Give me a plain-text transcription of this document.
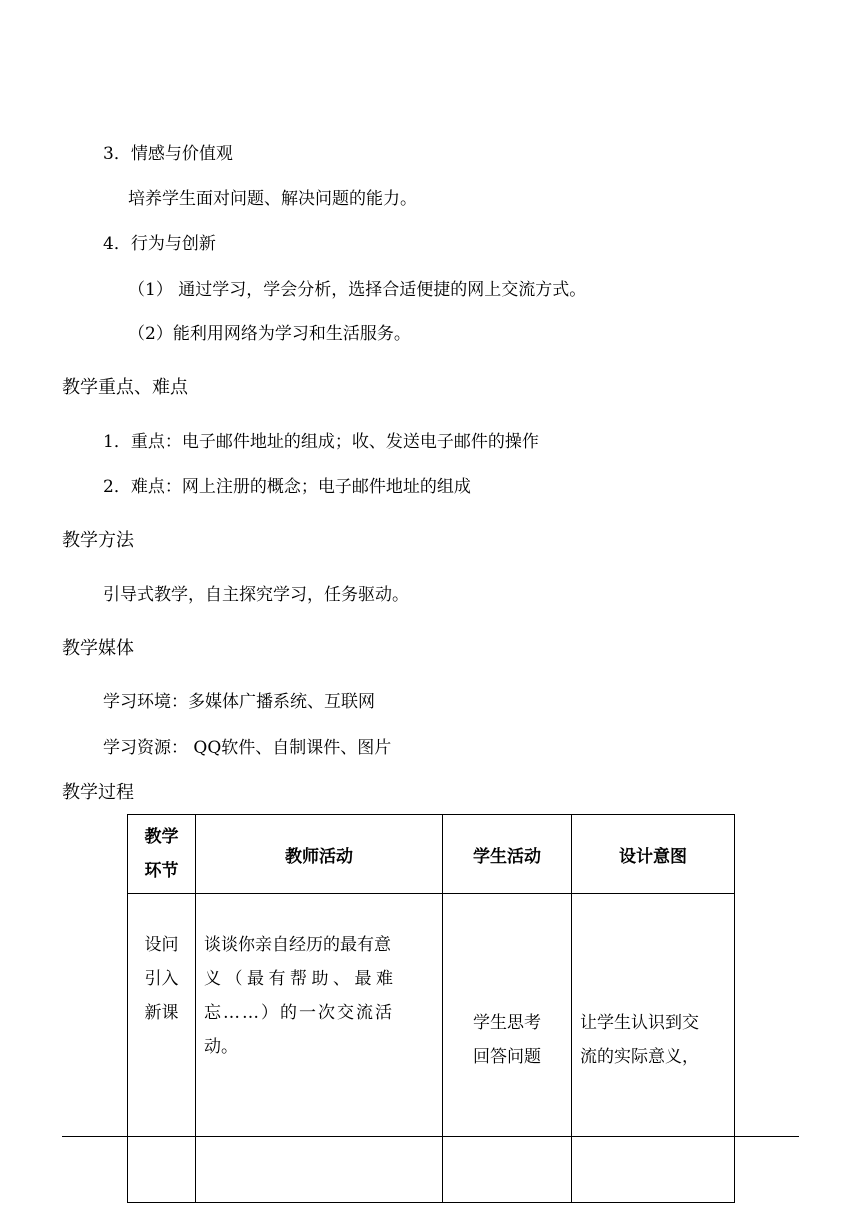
3．情感与价值观
培养学生面对问题、解决问题的能力。
4．行为与创新
（1） 通过学习，学会分析，选择合适便捷的网上交流方式。
（2）能利用网络为学习和生活服务。
教学重点、难点
1．重点：电子邮件地址的组成；收、发送电子邮件的操作
2．难点：网上注册的概念；电子邮件地址的组成
教学方法
引导式教学，自主探究学习，任务驱动。
教学媒体
学习环境：多媒体广播系统、互联网
学习资源： QQ软件、自制课件、图片
教学过程
教学
环节	教师活动	学生活动	设计意图

设问
引入
新课	谈谈你亲自经历的最有意
义（最有帮助、最难
忘……）的一次交流活
动。	学生思考
回答问题	让学生认识到交
流的实际意义，
